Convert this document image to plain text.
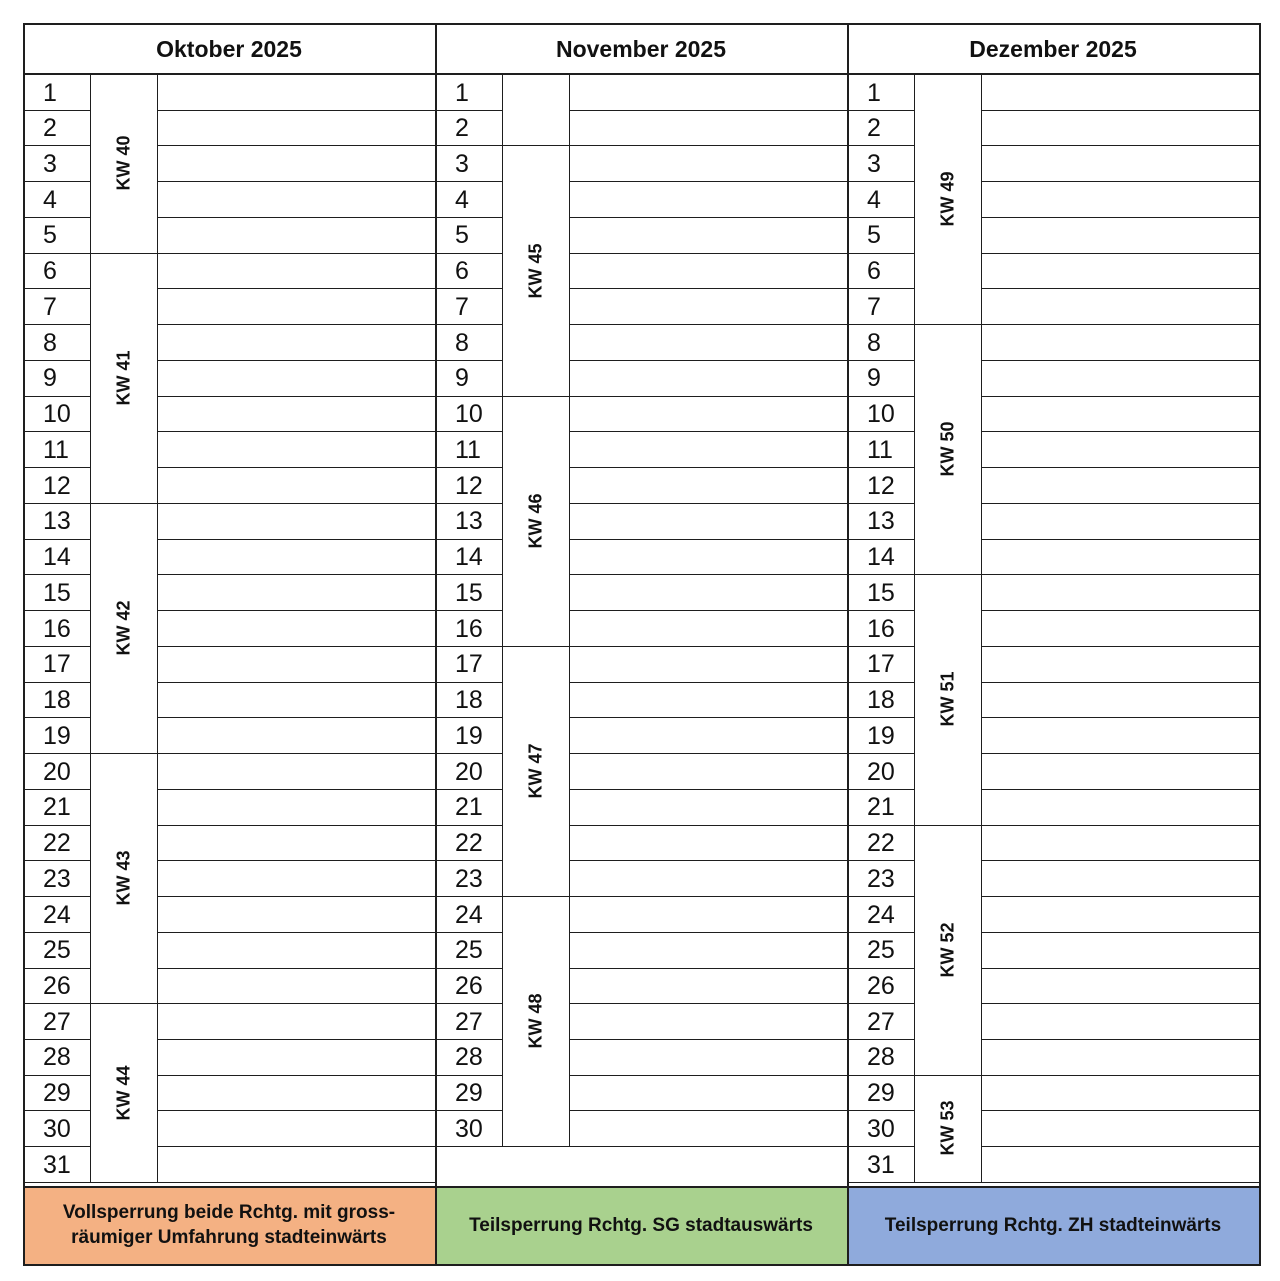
Vollsperrung beide Rchtg. mit gross-
räumiger Umfahrung stadteinwärts
Teilsperrung Rchtg. SG stadtauswärts	Teilsperrung Rchtg. ZH stadteinwärts
Oktober 2025
1
2
3
4
5
6
7
8
9
10
11
12
13
14
15
16
17
18
19
20
21
22
23
24
25
26
27
28
29
30
31
KW 40
KW 41
KW 42
KW 43
KW 44
November 2025
1
2
3
4
5
6
7
8
9
10
11
12
13
14
15
16
17
18
19
20
21
22
23
24
25
26
27
28
29
30
KW 45
KW 46
KW 47
KW 48
Dezember 2025
1
2
3
4
5
6
7
8
9
10
11
12
13
14
15
16
17
18
19
20
21
22
23
24
25
26
27
28
29
30
31
KW 49
KW 50
KW 51
KW 52
KW 53
